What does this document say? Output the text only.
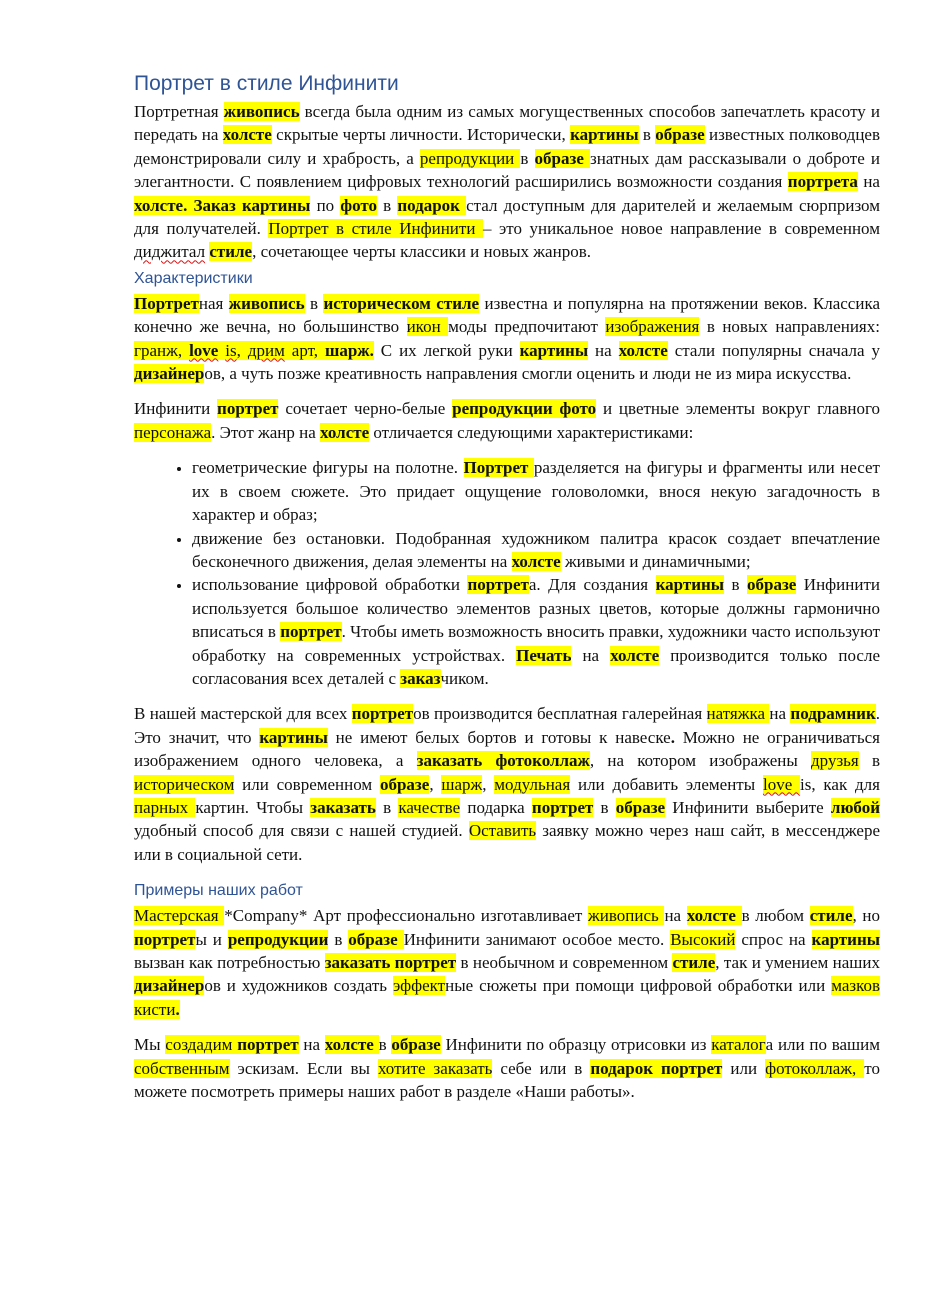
Портрет в стиле Инфинити

Портретная живопись всегда была одним из самых могущественных способов запечатлеть красоту и передать на холсте скрытые черты личности. Исторически, картины в образе известных полководцев демонстрировали силу и храбрость, а репродукции в образе знатных дам рассказывали о доброте и элегантности. С появлением цифровых технологий расширились возможности создания портрета на холсте. Заказ картины по фото в подарок стал доступным для дарителей и желаемым сюрпризом для получателей. Портрет в стиле Инфинити – это уникальное новое направление в современном диджитал стиле, сочетающее черты классики и новых жанров.

Характеристики

Портретная живопись в историческом стиле известна и популярна на протяжении веков. Классика конечно же вечна, но большинство икон моды предпочитают изображения в новых направлениях: гранж, love is, дрим арт, шарж. С их легкой руки картины на холсте стали популярны сначала у дизайнеров, а чуть позже креативность направления смогли оценить и люди не из мира искусства.

Инфинити портрет сочетает черно-белые репродукции фото и цветные элементы вокруг главного персонажа. Этот жанр на холсте отличается следующими характеристиками:

• геометрические фигуры на полотне. Портрет разделяется на фигуры и фрагменты или несет их в своем сюжете. Это придает ощущение головоломки, внося некую загадочность в характер и образ;
• движение без остановки. Подобранная художником палитра красок создает впечатление бесконечного движения, делая элементы на холсте живыми и динамичными;
• использование цифровой обработки портрета. Для создания картины в образе Инфинити используется большое количество элементов разных цветов, которые должны гармонично вписаться в портрет. Чтобы иметь возможность вносить правки, художники часто используют обработку на современных устройствах. Печать на холсте производится только после согласования всех деталей с заказчиком.

В нашей мастерской для всех портретов производится бесплатная галерейная натяжка на подрамник. Это значит, что картины не имеют белых бортов и готовы к навеске. Можно не ограничиваться изображением одного человека, а заказать фотоколлаж, на котором изображены друзья в историческом или современном образе, шарж, модульная или добавить элементы love is, как для парных картин. Чтобы заказать в качестве подарка портрет в образе Инфинити выберите любой удобный способ для связи с нашей студией. Оставить заявку можно через наш сайт, в мессенджере или в социальной сети.

Примеры наших работ

Мастерская *Company* Арт профессионально изготавливает живопись на холсте в любом стиле, но портреты и репродукции в образе Инфинити занимают особое место. Высокий спрос на картины вызван как потребностью заказать портрет в необычном и современном стиле, так и умением наших дизайнеров и художников создать эффектные сюжеты при помощи цифровой обработки или мазков кисти.

Мы создадим портрет на холсте в образе Инфинити по образцу отрисовки из каталога или по вашим собственным эскизам. Если вы хотите заказать себе или в подарок портрет или фотоколлаж, то можете посмотреть примеры наших работ в разделе «Наши работы».
